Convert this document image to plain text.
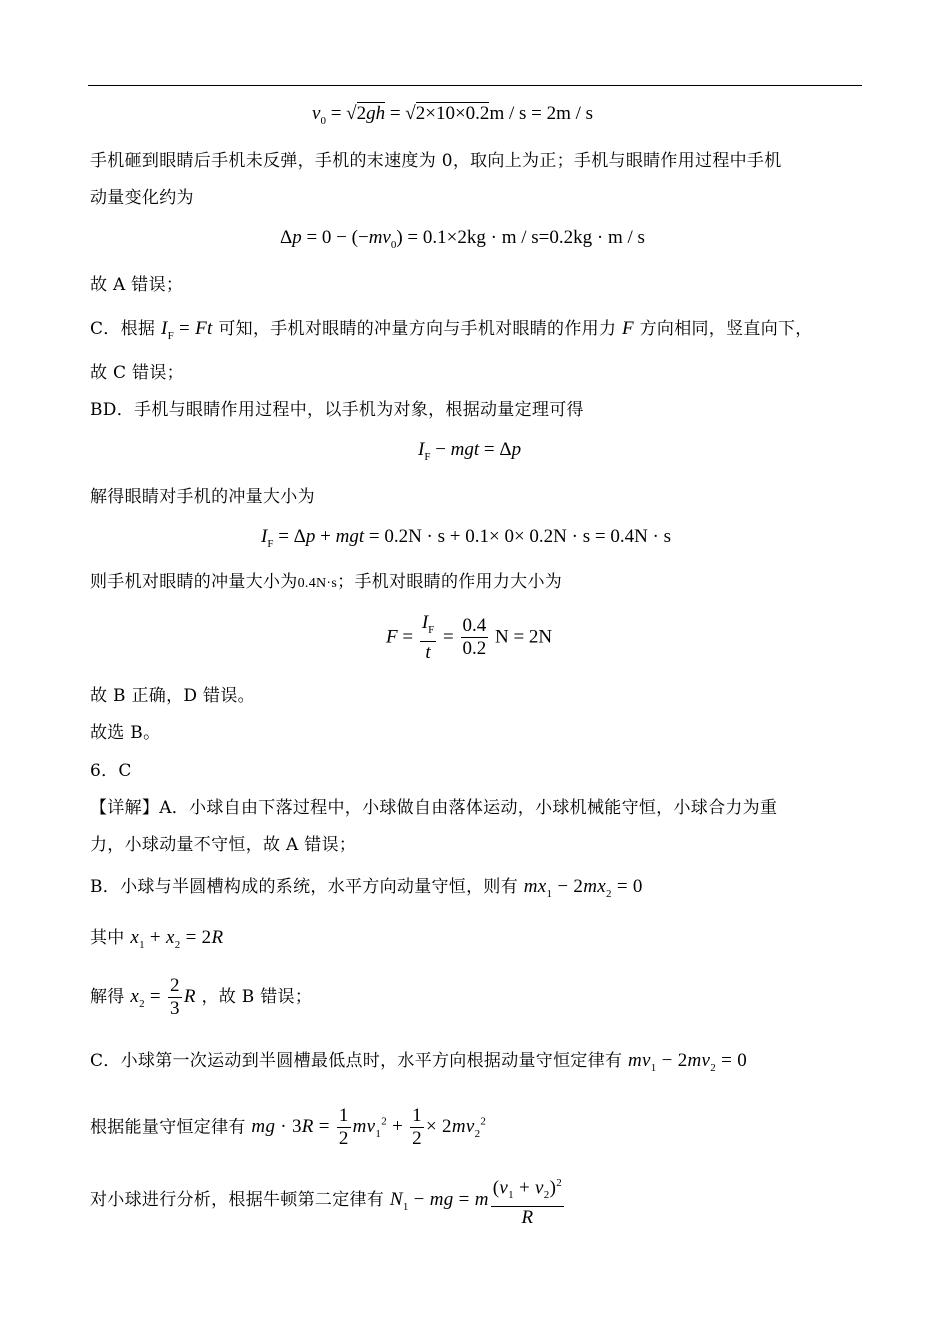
$v_0 = √2gh = √2\times 10\times 0.2m / s = 2m / s$
手机砸到眼睛后手机未反弹，手机的末速度为 0，取向上为正；手机与眼睛作用过程中手机
动量变化约为
$\Delta p = 0 - (-mv_0) = 0.1\times 2kg \cdot m / s=0.2kg \cdot m / s$
故 A 错误；
C．根据 $I_F = Ft$ 可知，手机对眼睛的冲量方向与手机对眼睛的作用力 F 方向相同，竖直向下，
故 C 错误；
BD．手机与眼睛作用过程中，以手机为对象，根据动量定理可得
$I_F$ − mgt = Δp
解得眼睛对手机的冲量大小为
$I_F = \Delta p$ + mgt = 0.2N · s + 0.1× 0× 0.2N · s = 0.4N · s
则手机对眼睛的冲量大小为0.4N·s；手机对眼睛的作用力大小为
$F = \frac{I_F}{t} = \frac{0.4}{0.2}$ N = 2N
故 B 正确，D 错误。
故选 B。
6．C
【详解】A．小球自由下落过程中，小球做自由落体运动，小球机械能守恒，小球合力为重
力，小球动量不守恒，故 A 错误；
B．小球与半圆槽构成的系统，水平方向动量守恒，则有 $mx_1 - 2mx_2 = 0$
其中 $x_1 + x_2 = 2R$
解得 $x_2 = \frac{2}{3}$ R ，故 B 错误；
C．小球第一次运动到半圆槽最低点时，水平方向根据动量守恒定律有 $mv_1 - 2mv_2 = 0$
根据能量守恒定律有 mg · $3R = \frac{1}{2} mv_1^2 + \frac{1}{2} \times 2mv_2^2$
对小球进行分析，根据牛顿第二定律有 $N_1$ − mg = m $\frac{(v_1 + v_2)^2}{R}$
